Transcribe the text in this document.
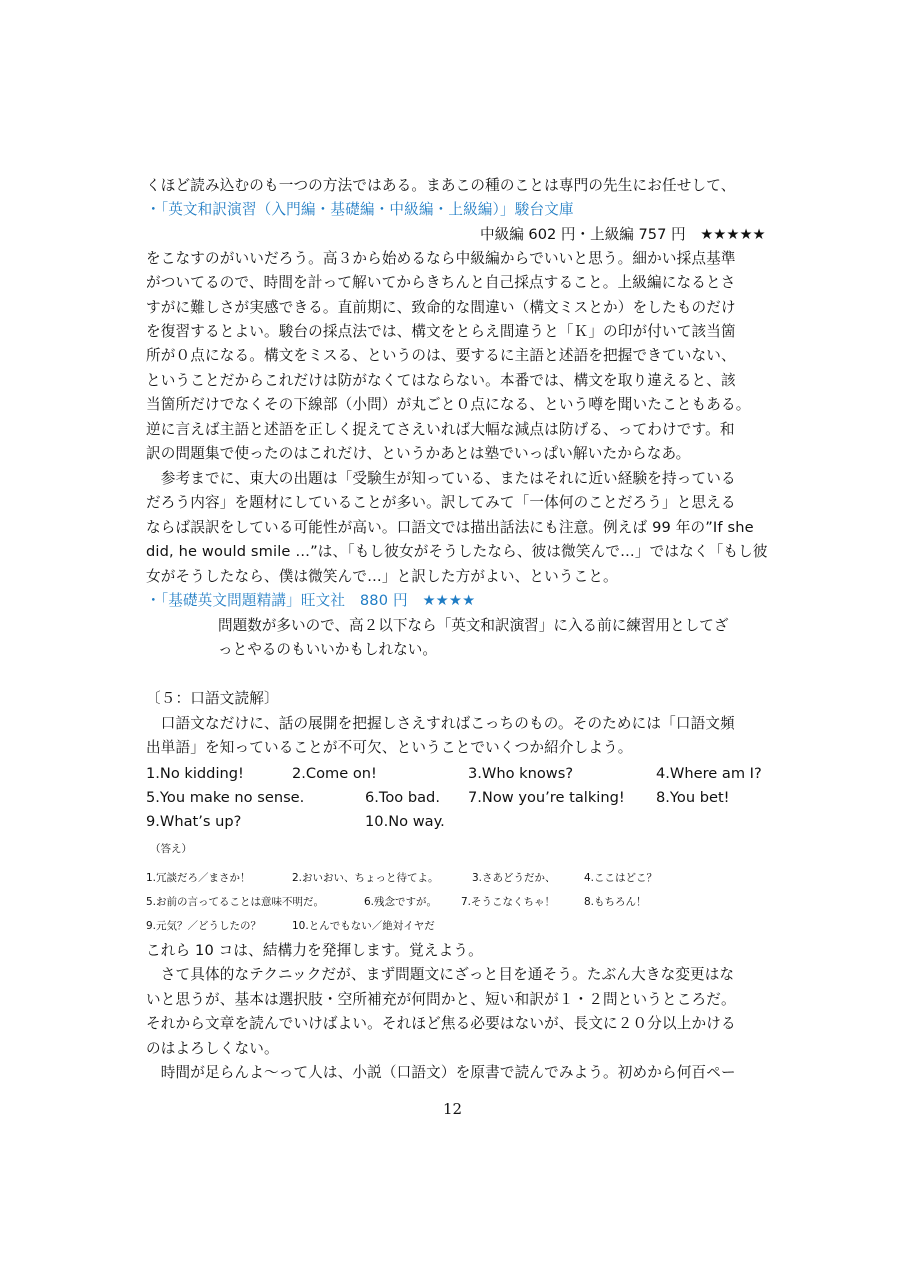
くほど読み込むのも一つの方法ではある。まあこの種のことは専門の先生にお任せして、
・「英文和訳演習（入門編・基礎編・中級編・上級編）」駿台文庫
中級編 602 円・上級編 757 円　★★★★★
をこなすのがいいだろう。高３から始めるなら中級編からでいいと思う。細かい採点基準
がついてるので、時間を計って解いてからきちんと自己採点すること。上級編になるとさ
すがに難しさが実感できる。直前期に、致命的な間違い（構文ミスとか）をしたものだけ
を復習するとよい。駿台の採点法では、構文をとらえ間違うと「Ｋ」の印が付いて該当箇
所が０点になる。構文をミスる、というのは、要するに主語と述語を把握できていない、
ということだからこれだけは防がなくてはならない。本番では、構文を取り違えると、該
当箇所だけでなくその下線部（小問）が丸ごと０点になる、という噂を聞いたこともある。
逆に言えば主語と述語を正しく捉えてさえいれば大幅な減点は防げる、ってわけです。和
訳の問題集で使ったのはこれだけ、というかあとは塾でいっぱい解いたからなあ。
　参考までに、東大の出題は「受験生が知っている、またはそれに近い経験を持っている
だろう内容」を題材にしていることが多い。訳してみて「一体何のことだろう」と思える
ならば誤訳をしている可能性が高い。口語文では描出話法にも注意。例えば 99 年の”If she
did, he would smile …”は、「もし彼女がそうしたなら、彼は微笑んで…」ではなく「もし彼
女がそうしたなら、僕は微笑んで…」と訳した方がよい、ということ。
・「基礎英文問題精講」旺文社　880 円　★★★★
問題数が多いので、高２以下なら「英文和訳演習」に入る前に練習用としてざ
っとやるのもいいかもしれない。
〔５：口語文読解〕
　口語文なだけに、話の展開を把握しさえすればこっちのもの。そのためには「口語文頻
出単語」を知っていることが不可欠、ということでいくつか紹介しよう。
1.No kidding!	2.Come on!	3.Who knows?	4.Where am I?
5.You make no sense.	6.Too bad. 7.Now you’re talking! 8.You bet!
9.What’s up?	10.No way.
（答え）
1.冗談だろ／まさか！	2.おいおい、ちょっと待てよ。	3.さあどうだか、	4.ここはどこ？
5.お前の言ってることは意味不明だ。	6.残念ですが。 7.そうこなくちゃ！	8.もちろん！
9.元気？／どうしたの？	10.とんでもない／絶対イヤだ
これら 10 コは、結構力を発揮します。覚えよう。
　さて具体的なテクニックだが、まず問題文にざっと目を通そう。たぶん大きな変更はな
いと思うが、基本は選択肢・空所補充が何問かと、短い和訳が１・２問というところだ。
それから文章を読んでいけばよい。それほど焦る必要はないが、長文に２０分以上かける
のはよろしくない。
　時間が足らんよ〜って人は、小説（口語文）を原書で読んでみよう。初めから何百ペー
12
